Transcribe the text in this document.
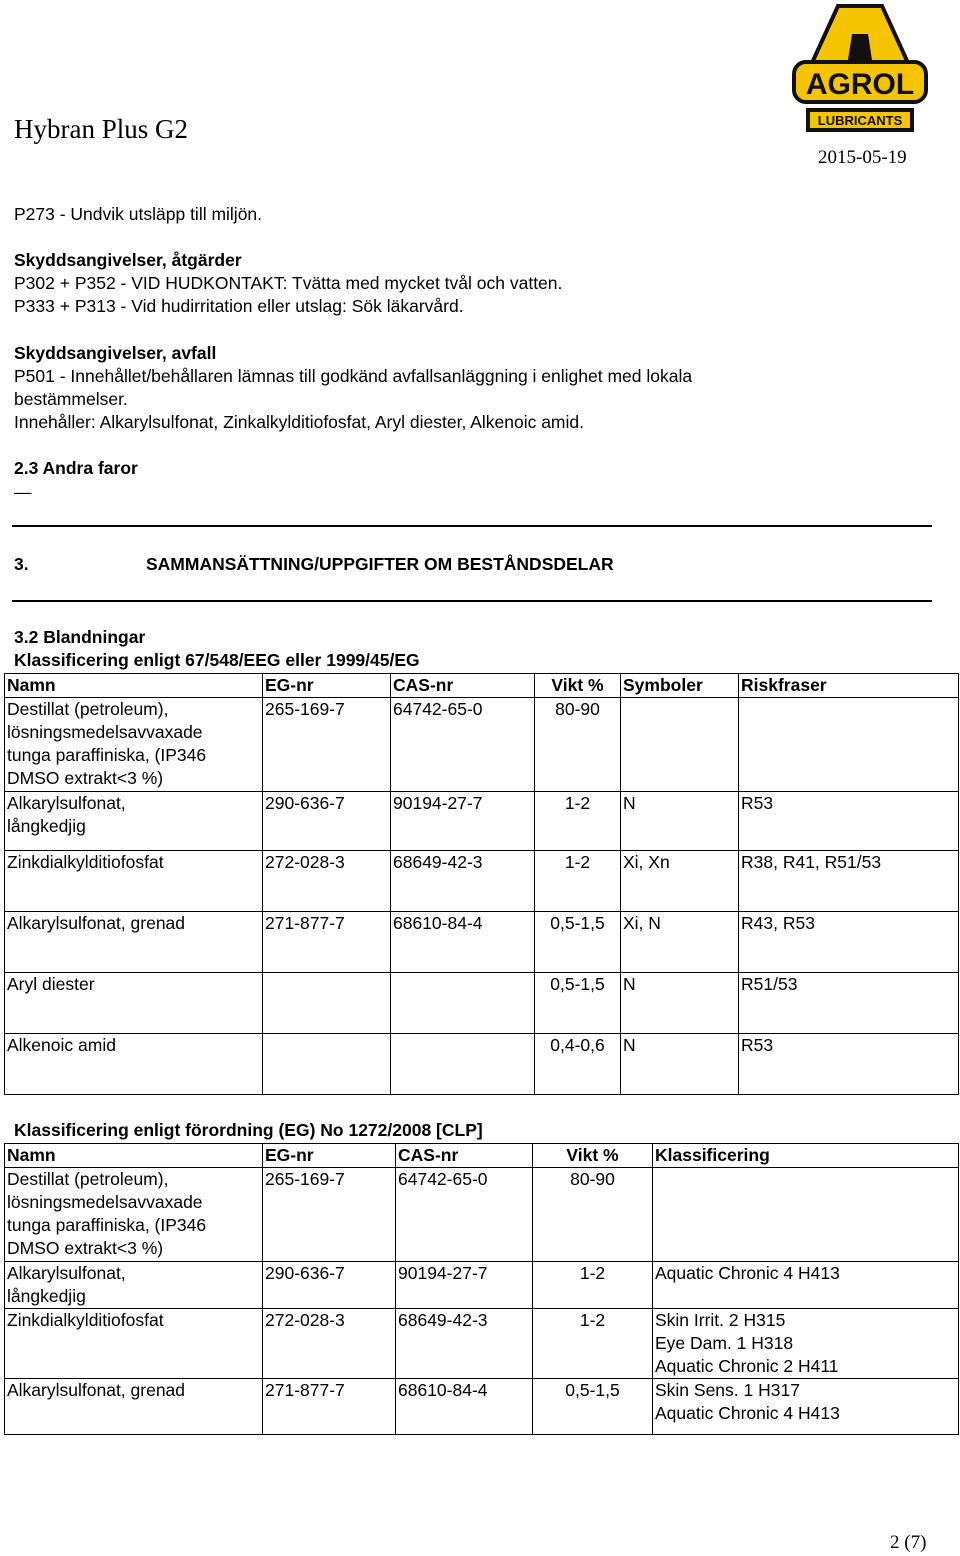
Hybran Plus G2
2015-05-19
AGROL
LUBRICANTS
P273 - Undvik utsläpp till miljön.
Skyddsangivelser, åtgärder
P302 + P352 - VID HUDKONTAKT: Tvätta med mycket tvål och vatten.
P333 + P313 - Vid hudirritation eller utslag: Sök läkarvård.
Skyddsangivelser, avfall
P501 - Innehållet/behållaren lämnas till godkänd avfallsanläggning i enlighet med lokala
bestämmelser.
Innehåller: Alkarylsulfonat, Zinkalkylditiofosfat, Aryl diester, Alkenoic amid.
2.3 Andra faror
—
3.	SAMMANSÄTTNING/UPPGIFTER OM BESTÅNDSDELAR
3.2 Blandningar
Klassificering enligt 67/548/EEG eller 1999/45/EG
Namn	EG-nr	CAS-nr	Vikt %	Symboler	Riskfraser
Destillat (petroleum),
lösningsmedelsavvaxade
tunga paraffiniska, (IP346
DMSO extrakt<3 %)	265-169-7	64742-65-0	80-90		
Alkarylsulfonat,
långkedjig	290-636-7	90194-27-7	1-2	N	R53
Zinkdialkylditiofosfat	272-028-3	68649-42-3	1-2	Xi, Xn	R38, R41, R51/53
Alkarylsulfonat, grenad	271-877-7	68610-84-4	0,5-1,5	Xi, N	R43, R53
Aryl diester			0,5-1,5	N	R51/53
Alkenoic amid			0,4-0,6	N	R53
Klassificering enligt förordning (EG) No 1272/2008 [CLP]
Namn	EG-nr	CAS-nr	Vikt %	Klassificering
Destillat (petroleum),
lösningsmedelsavvaxade
tunga paraffiniska, (IP346
DMSO extrakt<3 %)	265-169-7	64742-65-0	80-90	
Alkarylsulfonat,
långkedjig	290-636-7	90194-27-7	1-2	Aquatic Chronic 4 H413
Zinkdialkylditiofosfat	272-028-3	68649-42-3	1-2	Skin Irrit. 2 H315
Eye Dam. 1 H318
Aquatic Chronic 2 H411
Alkarylsulfonat, grenad	271-877-7	68610-84-4	0,5-1,5	Skin Sens. 1 H317
Aquatic Chronic 4 H413
2 (7)
